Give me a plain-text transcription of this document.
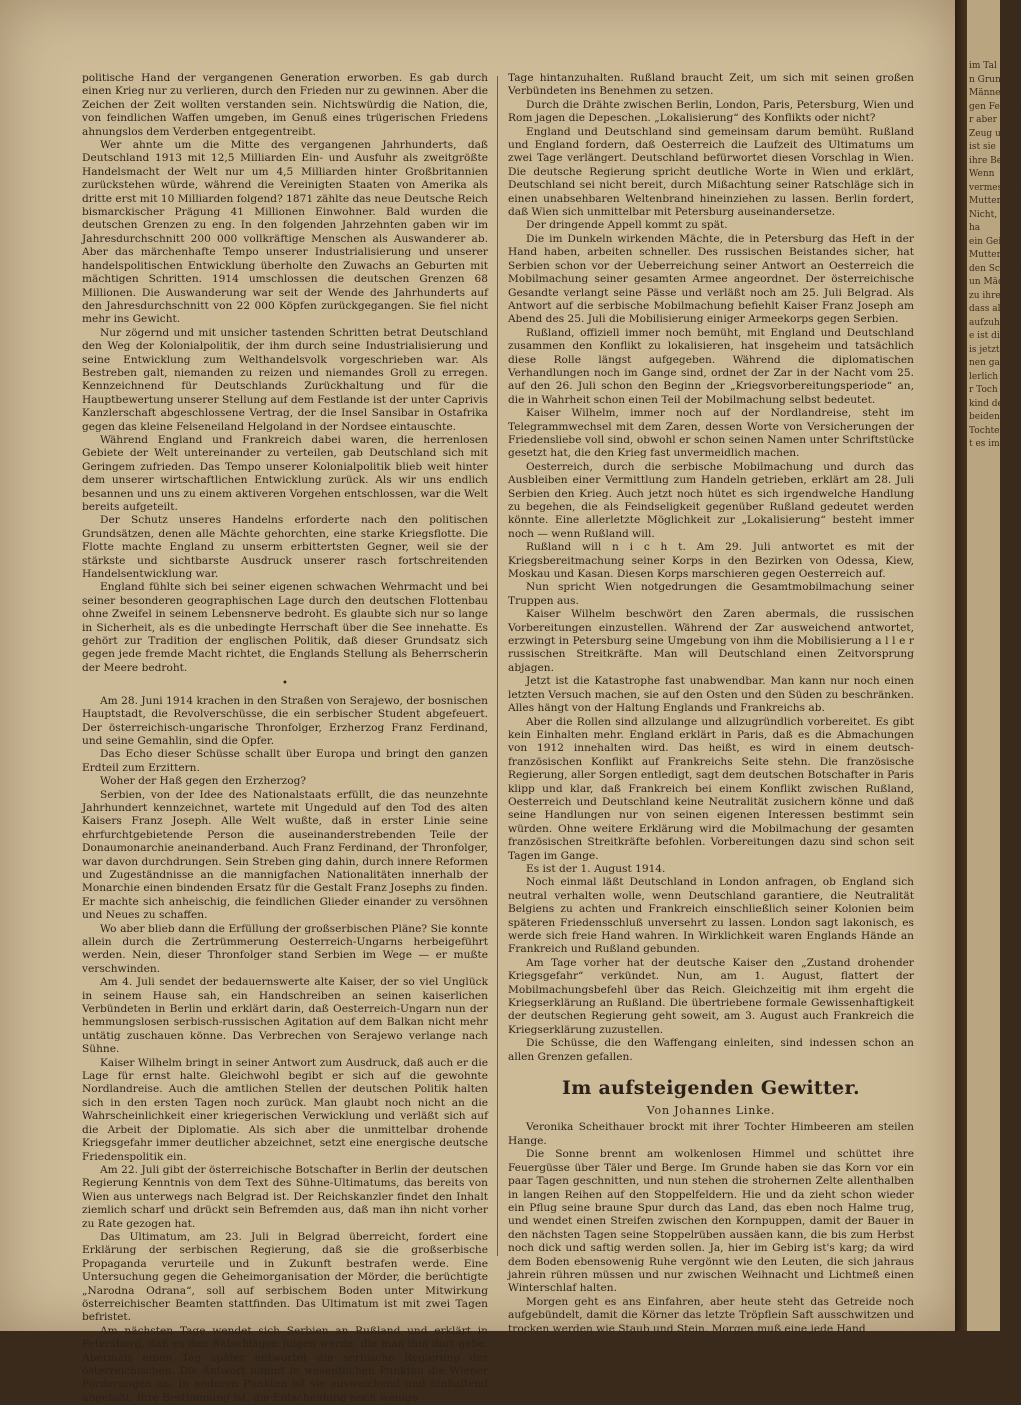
politische Hand der vergangenen Generation erworben. Es gab durch einen Krieg nur zu verlieren, durch den Frieden nur zu gewinnen. Aber die Zeichen der Zeit wollten verstanden sein. Nichtswürdig die Nation, die, von feindlichen Waffen umgeben, im Genuß eines trügerischen Friedens ahnungslos dem Verderben entgegentreibt.

Wer ahnte um die Mitte des vergangenen Jahrhunderts, daß Deutschland 1913 mit 12,5 Milliarden Ein- und Ausfuhr als zweitgrößte Handelsmacht der Welt nur um 4,5 Milliarden hinter Großbritannien zurückstehen würde, während die Vereinigten Staaten von Amerika als dritte erst mit 10 Milliarden folgend? 1871 zählte das neue Deutsche Reich bismarckischer Prägung 41 Millionen Einwohner. Bald wurden die deutschen Grenzen zu eng. In den folgenden Jahrzehnten gaben wir im Jahresdurchschnitt 200 000 vollkräftige Menschen als Auswanderer ab. Aber das märchenhafte Tempo unserer Industrialisierung und unserer handelspolitischen Entwicklung überholte den Zuwachs an Geburten mit mächtigen Schritten. 1914 umschlossen die deutschen Grenzen 68 Millionen. Die Auswanderung war seit der Wende des Jahrhunderts auf den Jahresdurchschnitt von 22 000 Köpfen zurückgegangen. Sie fiel nicht mehr ins Gewicht.

Nur zögernd und mit unsicher tastenden Schritten betrat Deutschland den Weg der Kolonialpolitik, der ihm durch seine Industrialisierung und seine Entwicklung zum Welthandelsvolk vorgeschrieben war. Als Bestreben galt, niemanden zu reizen und niemandes Groll zu erregen. Kennzeichnend für Deutschlands Zurückhaltung und für die Hauptbewertung unserer Stellung auf dem Festlande ist der unter Caprivis Kanzlerschaft abgeschlossene Vertrag, der die Insel Sansibar in Ostafrika gegen das kleine Felseneiland Helgoland in der Nordsee eintauschte.

Während England und Frankreich dabei waren, die herrenlosen Gebiete der Welt untereinander zu verteilen, gab Deutschland sich mit Geringem zufrieden. Das Tempo unserer Kolonialpolitik blieb weit hinter dem unserer wirtschaftlichen Entwicklung zurück. Als wir uns endlich besannen und uns zu einem aktiveren Vorgehen entschlossen, war die Welt bereits aufgeteilt.

Der Schutz unseres Handelns erforderte nach den politischen Grundsätzen, denen alle Mächte gehorchten, eine starke Kriegsflotte. Die Flotte machte England zu unserm erbittertsten Gegner, weil sie der stärkste und sichtbarste Ausdruck unserer rasch fortschreitenden Handelsentwicklung war.

England fühlte sich bei seiner eigenen schwachen Wehrmacht und bei seiner besonderen geographischen Lage durch den deutschen Flottenbau ohne Zweifel in seinem Lebensnerve bedroht. Es glaubte sich nur so lange in Sicherheit, als es die unbedingte Herrschaft über die See innehatte. Es gehört zur Tradition der englischen Politik, daß dieser Grundsatz sich gegen jede fremde Macht richtet, die Englands Stellung als Beherrscherin der Meere bedroht.

•

Am 28. Juni 1914 krachen in den Straßen von Serajewo, der bosnischen Hauptstadt, die Revolverschüsse, die ein serbischer Student abgefeuert. Der österreichisch-ungarische Thronfolger, Erzherzog Franz Ferdinand, und seine Gemahlin, sind die Opfer.

Das Echo dieser Schüsse schallt über Europa und bringt den ganzen Erdteil zum Erzittern.

Woher der Haß gegen den Erzherzog?

Serbien, von der Idee des Nationalstaats erfüllt, die das neunzehnte Jahrhundert kennzeichnet, wartete mit Ungeduld auf den Tod des alten Kaisers Franz Joseph. Alle Welt wußte, daß in erster Linie seine ehrfurchtgebietende Person die auseinanderstrebenden Teile der Donaumonarchie aneinanderband. Auch Franz Ferdinand, der Thronfolger, war davon durchdrungen. Sein Streben ging dahin, durch innere Reformen und Zugeständnisse an die mannigfachen Nationalitäten innerhalb der Monarchie einen bindenden Ersatz für die Gestalt Franz Josephs zu finden. Er machte sich anheischig, die feindlichen Glieder einander zu versöhnen und Neues zu schaffen.

Wo aber blieb dann die Erfüllung der großserbischen Pläne? Sie konnte allein durch die Zertrümmerung Oesterreich-Ungarns herbeigeführt werden. Nein, dieser Thronfolger stand Serbien im Wege — er mußte verschwinden.

Am 4. Juli sendet der bedauernswerte alte Kaiser, der so viel Unglück in seinem Hause sah, ein Handschreiben an seinen kaiserlichen Verbündeten in Berlin und erklärt darin, daß Oesterreich-Ungarn nun der hemmungslosen serbisch-russischen Agitation auf dem Balkan nicht mehr untätig zuschauen könne. Das Verbrechen von Serajewo verlange nach Sühne.

Kaiser Wilhelm bringt in seiner Antwort zum Ausdruck, daß auch er die Lage für ernst halte. Gleichwohl begibt er sich auf die gewohnte Nordlandreise. Auch die amtlichen Stellen der deutschen Politik halten sich in den ersten Tagen noch zurück. Man glaubt noch nicht an die Wahrscheinlichkeit einer kriegerischen Verwicklung und verläßt sich auf die Arbeit der Diplomatie. Als sich aber die unmittelbar drohende Kriegsgefahr immer deutlicher abzeichnet, setzt eine energische deutsche Friedenspolitik ein.

Am 22. Juli gibt der österreichische Botschafter in Berlin der deutschen Regierung Kenntnis von dem Text des Sühne-Ultimatums, das bereits von Wien aus unterwegs nach Belgrad ist. Der Reichskanzler findet den Inhalt ziemlich scharf und drückt sein Befremden aus, daß man ihn nicht vorher zu Rate gezogen hat.

Das Ultimatum, am 23. Juli in Belgrad überreicht, fordert eine Erklärung der serbischen Regierung, daß sie die großserbische Propaganda verurteile und in Zukunft bestrafen werde. Eine Untersuchung gegen die Geheimorganisation der Mörder, die berüchtigte „Narodna Odrana“, soll auf serbischem Boden unter Mitwirkung österreichischer Beamten stattfinden. Das Ultimatum ist mit zwei Tagen befristet.

Am nächsten Tage wendet sich Serbien an Rußland und erklärt in Petersburg, daß es den Ratschlägen folgen werde, die man ihm dort gebe. Abermals einen Tag später antwortet die serbische Regierung der österreichischen. Die Antwort nimmt in wesentlichen Punkten die Wiener Forderungen an. In anderen Punkten ist sie ausweichend und hinhaltend abgefaßt. Ihre Bestimmung ist, die Entscheidung noch wenige

Tage hintanzuhalten. Rußland braucht Zeit, um sich mit seinen großen Verbündeten ins Benehmen zu setzen.

Durch die Drähte zwischen Berlin, London, Paris, Petersburg, Wien und Rom jagen die Depeschen. „Lokalisierung“ des Konflikts oder nicht?

England und Deutschland sind gemeinsam darum bemüht. Rußland und England fordern, daß Oesterreich die Laufzeit des Ultimatums um zwei Tage verlängert. Deutschland befürwortet diesen Vorschlag in Wien. Die deutsche Regierung spricht deutliche Worte in Wien und erklärt, Deutschland sei nicht bereit, durch Mißachtung seiner Ratschläge sich in einen unabsehbaren Weltenbrand hineinziehen zu lassen. Berlin fordert, daß Wien sich unmittelbar mit Petersburg auseinandersetze.

Der dringende Appell kommt zu spät.

Die im Dunkeln wirkenden Mächte, die in Petersburg das Heft in der Hand haben, arbeiten schneller. Des russischen Beistandes sicher, hat Serbien schon vor der Ueberreichung seiner Antwort an Oesterreich die Mobilmachung seiner gesamten Armee angeordnet. Der österreichische Gesandte verlangt seine Pässe und verläßt noch am 25. Juli Belgrad. Als Antwort auf die serbische Mobilmachung befiehlt Kaiser Franz Joseph am Abend des 25. Juli die Mobilisierung einiger Armeekorps gegen Serbien.

Rußland, offiziell immer noch bemüht, mit England und Deutschland zusammen den Konflikt zu lokalisieren, hat insgeheim und tatsächlich diese Rolle längst aufgegeben. Während die diplomatischen Verhandlungen noch im Gange sind, ordnet der Zar in der Nacht vom 25. auf den 26. Juli schon den Beginn der „Kriegsvorbereitungsperiode“ an, die in Wahrheit schon einen Teil der Mobilmachung selbst bedeutet.

Kaiser Wilhelm, immer noch auf der Nordlandreise, steht im Telegrammwechsel mit dem Zaren, dessen Worte von Versicherungen der Friedensliebe voll sind, obwohl er schon seinen Namen unter Schriftstücke gesetzt hat, die den Krieg fast unvermeidlich machen.

Oesterreich, durch die serbische Mobilmachung und durch das Ausbleiben einer Vermittlung zum Handeln getrieben, erklärt am 28. Juli Serbien den Krieg. Auch jetzt noch hütet es sich irgendwelche Handlung zu begehen, die als Feindseligkeit gegenüber Rußland gedeutet werden könnte. Eine allerletzte Möglichkeit zur „Lokalisierung“ besteht immer noch — wenn Rußland will.

Rußland will n i c h t. Am 29. Juli antwortet es mit der Kriegsbereitmachung seiner Korps in den Bezirken von Odessa, Kiew, Moskau und Kasan. Diesen Korps marschieren gegen Oesterreich auf.

Nun spricht Wien notgedrungen die Gesamtmobilmachung seiner Truppen aus.

Kaiser Wilhelm beschwört den Zaren abermals, die russischen Vorbereitungen einzustellen. Während der Zar ausweichend antwortet, erzwingt in Petersburg seine Umgebung von ihm die Mobilisierung a l l e r russischen Streitkräfte. Man will Deutschland einen Zeitvorsprung abjagen.

Jetzt ist die Katastrophe fast unabwendbar. Man kann nur noch einen letzten Versuch machen, sie auf den Osten und den Süden zu beschränken. Alles hängt von der Haltung Englands und Frankreichs ab.

Aber die Rollen sind allzulange und allzugründlich vorbereitet. Es gibt kein Einhalten mehr. England erklärt in Paris, daß es die Abmachungen von 1912 innehalten wird. Das heißt, es wird in einem deutsch-französischen Konflikt auf Frankreichs Seite stehn. Die französische Regierung, aller Sorgen entledigt, sagt dem deutschen Botschafter in Paris klipp und klar, daß Frankreich bei einem Konflikt zwischen Rußland, Oesterreich und Deutschland keine Neutralität zusichern könne und daß seine Handlungen nur von seinen eigenen Interessen bestimmt sein würden. Ohne weitere Erklärung wird die Mobilmachung der gesamten französischen Streitkräfte befohlen. Vorbereitungen dazu sind schon seit Tagen im Gange.

Es ist der 1. August 1914.

Noch einmal läßt Deutschland in London anfragen, ob England sich neutral verhalten wolle, wenn Deutschland garantiere, die Neutralität Belgiens zu achten und Frankreich einschließlich seiner Kolonien beim späteren Friedensschluß unversehrt zu lassen. London sagt lakonisch, es werde sich freie Hand wahren. In Wirklichkeit waren Englands Hände an Frankreich und Rußland gebunden.

Am Tage vorher hat der deutsche Kaiser den „Zustand drohender Kriegsgefahr“ verkündet. Nun, am 1. August, flattert der Mobilmachungsbefehl über das Reich. Gleichzeitig mit ihm ergeht die Kriegserklärung an Rußland. Die übertriebene formale Gewissenhaftigkeit der deutschen Regierung geht soweit, am 3. August auch Frankreich die Kriegserklärung zuzustellen.

Die Schüsse, die den Waffengang einleiten, sind indessen schon an allen Grenzen gefallen.

Im aufsteigenden Gewitter.
Von Johannes Linke.

Veronika Scheithauer brockt mit ihrer Tochter Himbeeren am steilen Hange.

Die Sonne brennt am wolkenlosen Himmel und schüttet ihre Feuergüsse über Täler und Berge. Im Grunde haben sie das Korn vor ein paar Tagen geschnitten, und nun stehen die strohernen Zelte allenthalben in langen Reihen auf den Stoppelfeldern. Hie und da zieht schon wieder ein Pflug seine braune Spur durch das Land, das eben noch Halme trug, und wendet einen Streifen zwischen den Kornpuppen, damit der Bauer in den nächsten Tagen seine Stoppelrüben aussäen kann, die bis zum Herbst noch dick und saftig werden sollen. Ja, hier im Gebirg ist's karg; da wird dem Boden ebensowenig Ruhe vergönnt wie den Leuten, die sich jahraus jahrein rühren müssen und nur zwischen Weihnacht und Lichtmeß einen Winterschlaf halten.

Morgen geht es ans Einfahren, aber heute steht das Getreide noch aufgebündelt, damit die Körner das letzte Tröpflein Saft ausschwitzen und trocken werden wie Staub und Stein. Morgen muß eine jede Hand

im Tal
n Grun
Männer,
gen Felder
r aber nu
Zeug und
ist sie
ihre Bes
Wenn
vermessenf
Mutter
Nicht, eh
ha
ein Geigen
Mutter se
den Schwe
un Mädch
zu ihre
dass als
aufzuheb
e ist die
is jetzt
nen ganze
lerlich
r Toch
kind de
beiden.
Tochter
t es im
